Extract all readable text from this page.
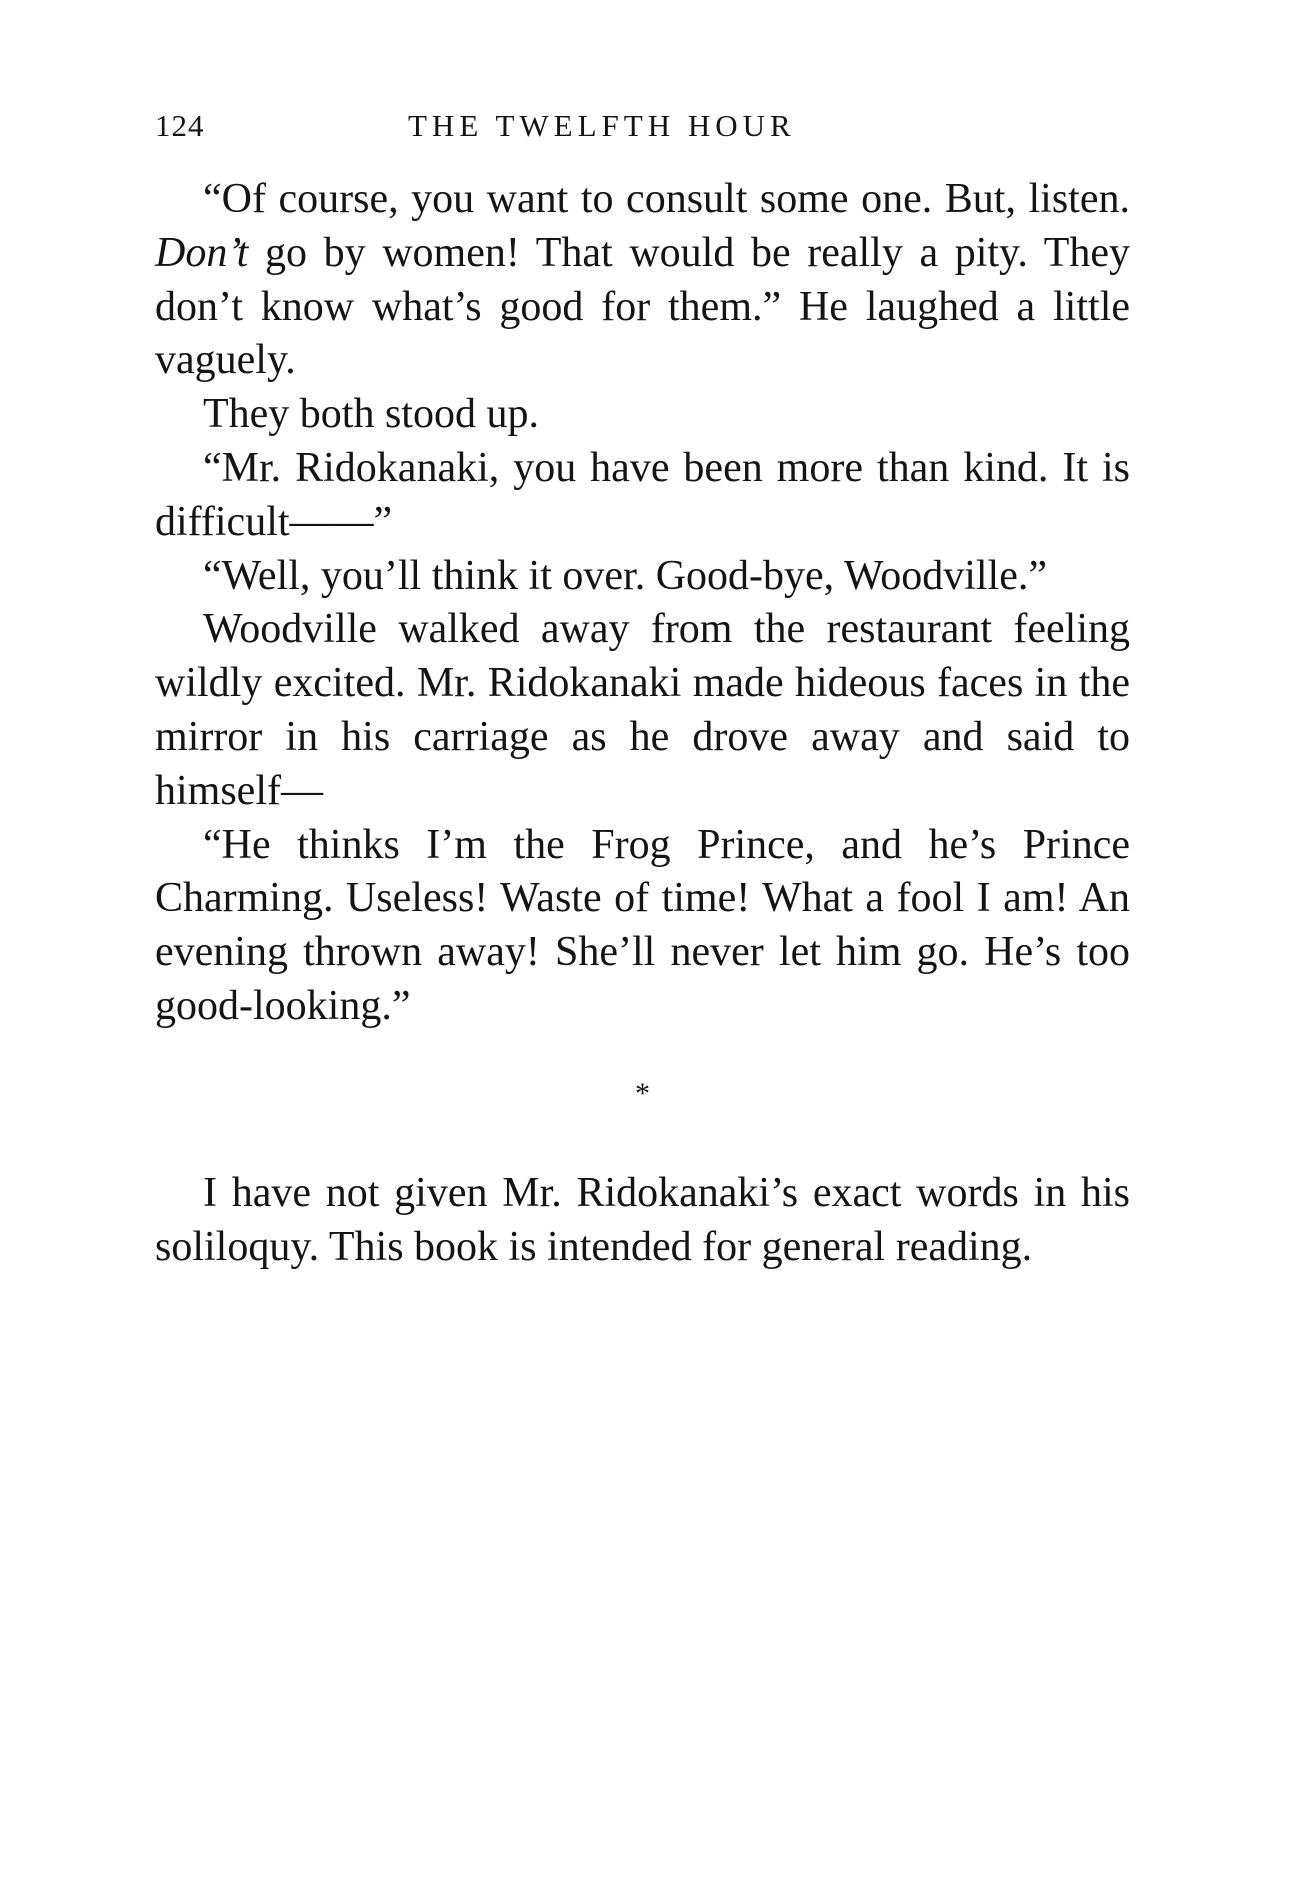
124	THE TWELFTH HOUR

“Of course, you want to consult some one. But, listen. Don’t go by women! That would be really a pity. They don’t know what’s good for them.” He laughed a little vaguely.

They both stood up.

“Mr. Ridokanaki, you have been more than kind. It is difficult——”

“Well, you’ll think it over. Good-bye, Woodville.”

Woodville walked away from the restaurant feeling wildly excited. Mr. Ridokanaki made hideous faces in the mirror in his carriage as he drove away and said to himself—

“He thinks I’m the Frog Prince, and he’s Prince Charming. Useless! Waste of time! What a fool I am! An evening thrown away! She’ll never let him go. He’s too good-looking.”

*

I have not given Mr. Ridokanaki’s exact words in his soliloquy. This book is intended for general reading.
